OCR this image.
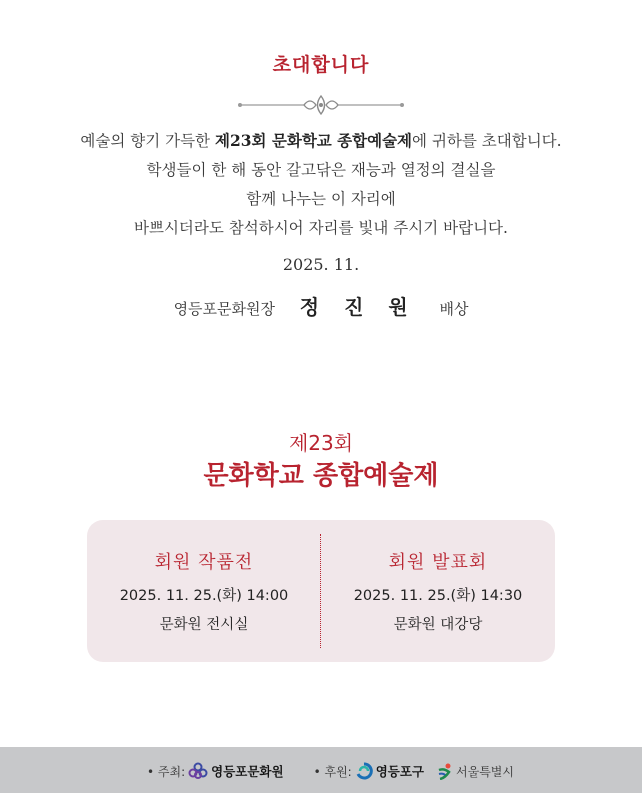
초대합니다
예술의 향기 가득한 제23회 문화학교 종합예술제에 귀하를 초대합니다.
학생들이 한 해 동안 갈고닦은 재능과 열정의 결실을
함께 나누는 이 자리에
바쁘시더라도 참석하시어 자리를 빛내 주시기 바랍니다.
2025. 11.
영등포문화원장 정 진 원 배상
제23회
문화학교 종합예술제
회원 작품전
2025. 11. 25.(화) 14:00
문화원 전시실
회원 발표회
2025. 11. 25.(화) 14:30
문화원 대강당
• 주최: 영등포문화원	• 후원: 영등포구	서울특별시
